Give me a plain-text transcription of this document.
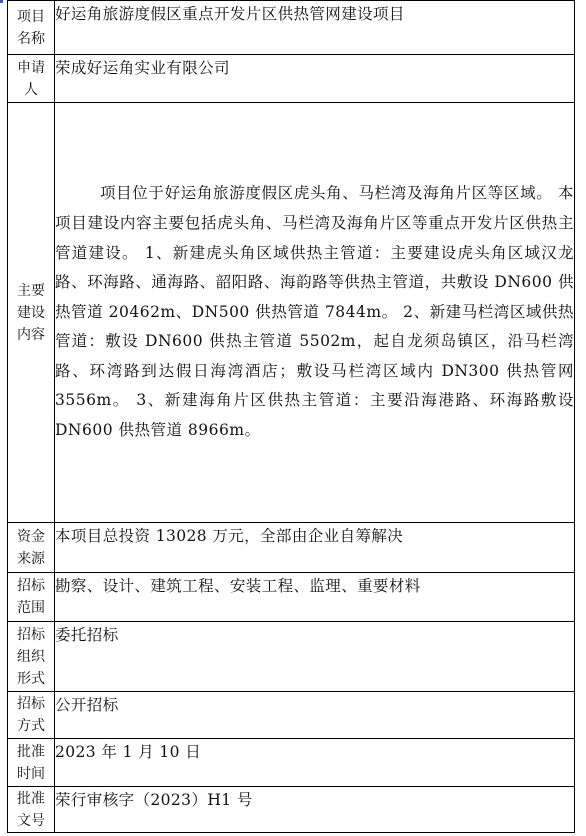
项目名称	好运角旅游度假区重点开发片区供热管网建设项目

申请人	荣成好运角实业有限公司

主要建设内容	项目位于好运角旅游度假区虎头角、马栏湾及海角片区等区域。 本项目建设内容主要包括虎头角、马栏湾及海角片区等重点开发片区供热主管道建设。 1、新建虎头角区域供热主管道：主要建设虎头角区域汉龙路、环海路、通海路、韶阳路、海韵路等供热主管道，共敷设 DN600 供热管道 20462m、DN500 供热管道 7844m。 2、新建马栏湾区域供热管道：敷设 DN600 供热主管道 5502m，起自龙须岛镇区，沿马栏湾路、环湾路到达假日海湾酒店；敷设马栏湾区域内 DN300 供热管网 3556m。 3、新建海角片区供热主管道：主要沿海港路、环海路敷设 DN600 供热管道 8966m。

资金来源	本项目总投资 13028 万元，全部由企业自筹解决

招标范围	勘察、设计、建筑工程、安装工程、监理、重要材料

招标组织形式	委托招标

招标方式	公开招标

批准时间	2023 年 1 月 10 日

批准文号	荣行审核字（2023）H1 号
